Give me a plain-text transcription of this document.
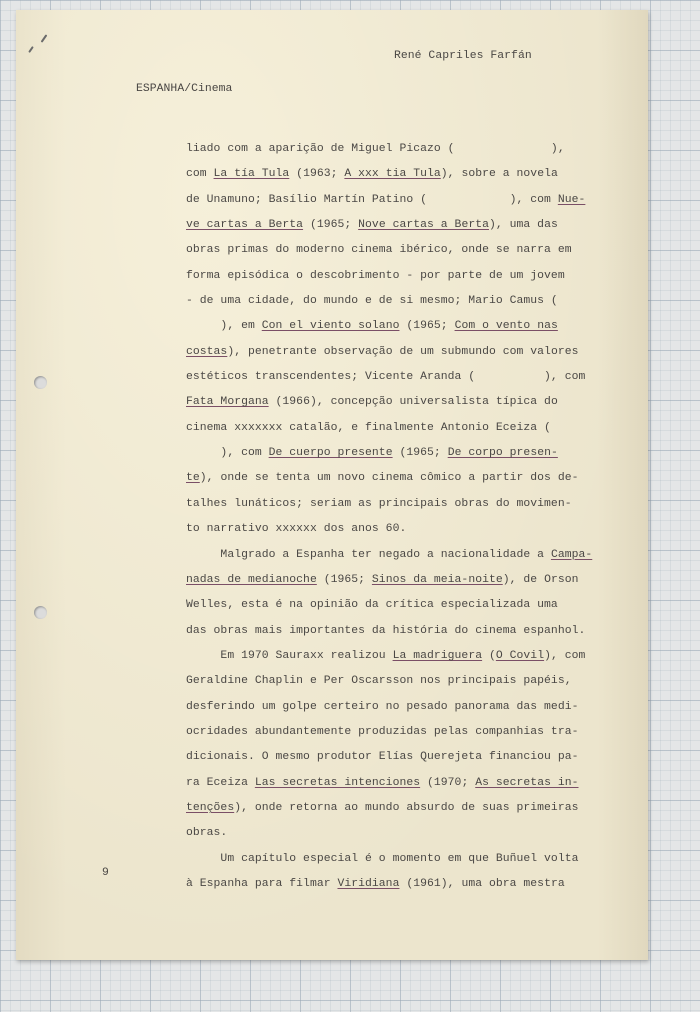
René Capriles Farfán
ESPANHA/Cinema
liado com a aparição de Miguel Picazo (              ),
com La tía Tula (1963; A xxx tia Tula), sobre a novela
de Unamuno; Basílio Martín Patino (            ), com Nue-
ve cartas a Berta (1965; Nove cartas a Berta), uma das
obras primas do moderno cinema ibérico, onde se narra em
forma episódica o descobrimento - por parte de um jovem
- de uma cidade, do mundo e de si mesmo; Mario Camus (
), em Con el viento solano (1965; Com o vento nas
costas), penetrante observação de um submundo com valores
estéticos transcendentes; Vicente Aranda (          ), com
Fata Morgana (1966), concepção universalista típica do
cinema xxxxxxx catalão, e finalmente Antonio Eceiza (
), com De cuerpo presente (1965; De corpo presen-
te), onde se tenta um novo cinema cômico a partir dos de-
talhes lunáticos; seriam as principais obras do movimen-
to narrativo xxxxxx dos anos 60.
Malgrado a Espanha ter negado a nacionalidade a Campa-
nadas de medianoche (1965; Sinos da meia-noite), de Orson
Welles, esta é na opinião da crítica especializada uma
das obras mais importantes da história do cinema espanhol.
Em 1970 Sauraxx realizou La madriguera (O Covil), com
Geraldine Chaplin e Per Oscarsson nos principais papéis,
desferindo um golpe certeiro no pesado panorama das medi-
ocridades abundantemente produzidas pelas companhias tra-
dicionais. O mesmo produtor Elías Querejeta financiou pa-
ra Eceiza Las secretas intenciones (1970; As secretas in-
tenções), onde retorna ao mundo absurdo de suas primeiras
obras.
Um capítulo especial é o momento em que Buñuel volta
à Espanha para filmar Viridiana (1961), uma obra mestra
9
